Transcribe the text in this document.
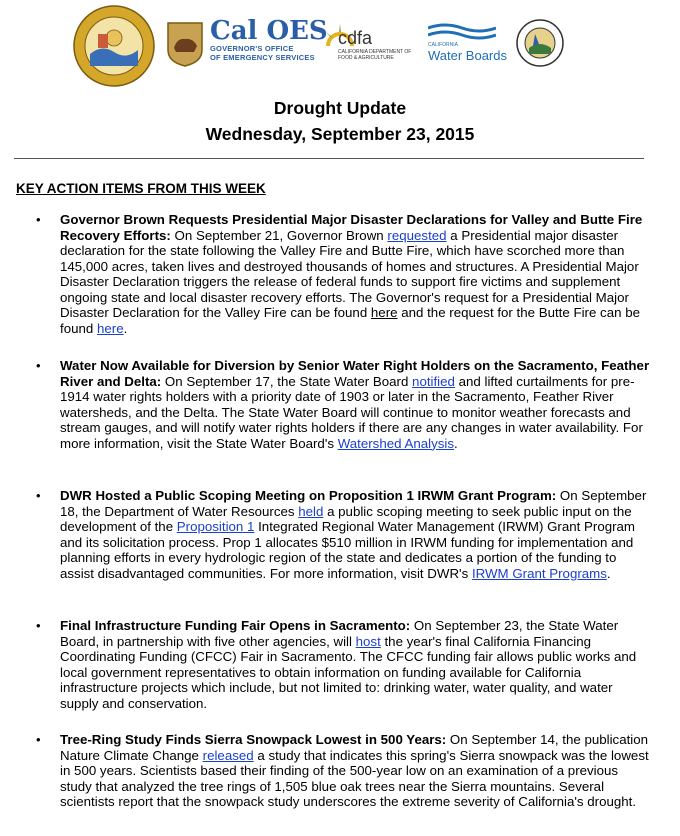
Cal OES
GOVERNOR'S OFFICE
OF EMERGENCY SERVICES
cdfa
CALIFORNIA DEPARTMENT OF
FOOD & AGRICULTURE
CALIFORNIA
Water Boards
Drought Update
Wednesday, September 23, 2015
KEY ACTION ITEMS FROM THIS WEEK
• Governor Brown Requests Presidential Major Disaster Declarations for Valley and Butte Fire Recovery Efforts: On September 21, Governor Brown requested a Presidential major disaster declaration for the state following the Valley Fire and Butte Fire, which have scorched more than 145,000 acres, taken lives and destroyed thousands of homes and structures. A Presidential Major Disaster Declaration triggers the release of federal funds to support fire victims and supplement ongoing state and local disaster recovery efforts. The Governor's request for a Presidential Major Disaster Declaration for the Valley Fire can be found here and the request for the Butte Fire can be found here.
• Water Now Available for Diversion by Senior Water Right Holders on the Sacramento, Feather River and Delta: On September 17, the State Water Board notified and lifted curtailments for pre-1914 water rights holders with a priority date of 1903 or later in the Sacramento, Feather River watersheds, and the Delta. The State Water Board will continue to monitor weather forecasts and stream gauges, and will notify water rights holders if there are any changes in water availability. For more information, visit the State Water Board's Watershed Analysis.
• DWR Hosted a Public Scoping Meeting on Proposition 1 IRWM Grant Program: On September 18, the Department of Water Resources held a public scoping meeting to seek public input on the development of the Proposition 1 Integrated Regional Water Management (IRWM) Grant Program and its solicitation process. Prop 1 allocates $510 million in IRWM funding for implementation and planning efforts in every hydrologic region of the state and dedicates a portion of the funding to assist disadvantaged communities. For more information, visit DWR's IRWM Grant Programs.
• Final Infrastructure Funding Fair Opens in Sacramento: On September 23, the State Water Board, in partnership with five other agencies, will host the year's final California Financing Coordinating Funding (CFCC) Fair in Sacramento. The CFCC funding fair allows public works and local government representatives to obtain information on funding available for California infrastructure projects which include, but not limited to: drinking water, water quality, and water supply and conservation.
• Tree-Ring Study Finds Sierra Snowpack Lowest in 500 Years: On September 14, the publication Nature Climate Change released a study that indicates this spring's Sierra snowpack was the lowest in 500 years. Scientists based their finding of the 500-year low on an examination of a previous study that analyzed the tree rings of 1,505 blue oak trees near the Sierra mountains. Several scientists report that the snowpack study underscores the extreme severity of California's drought.
